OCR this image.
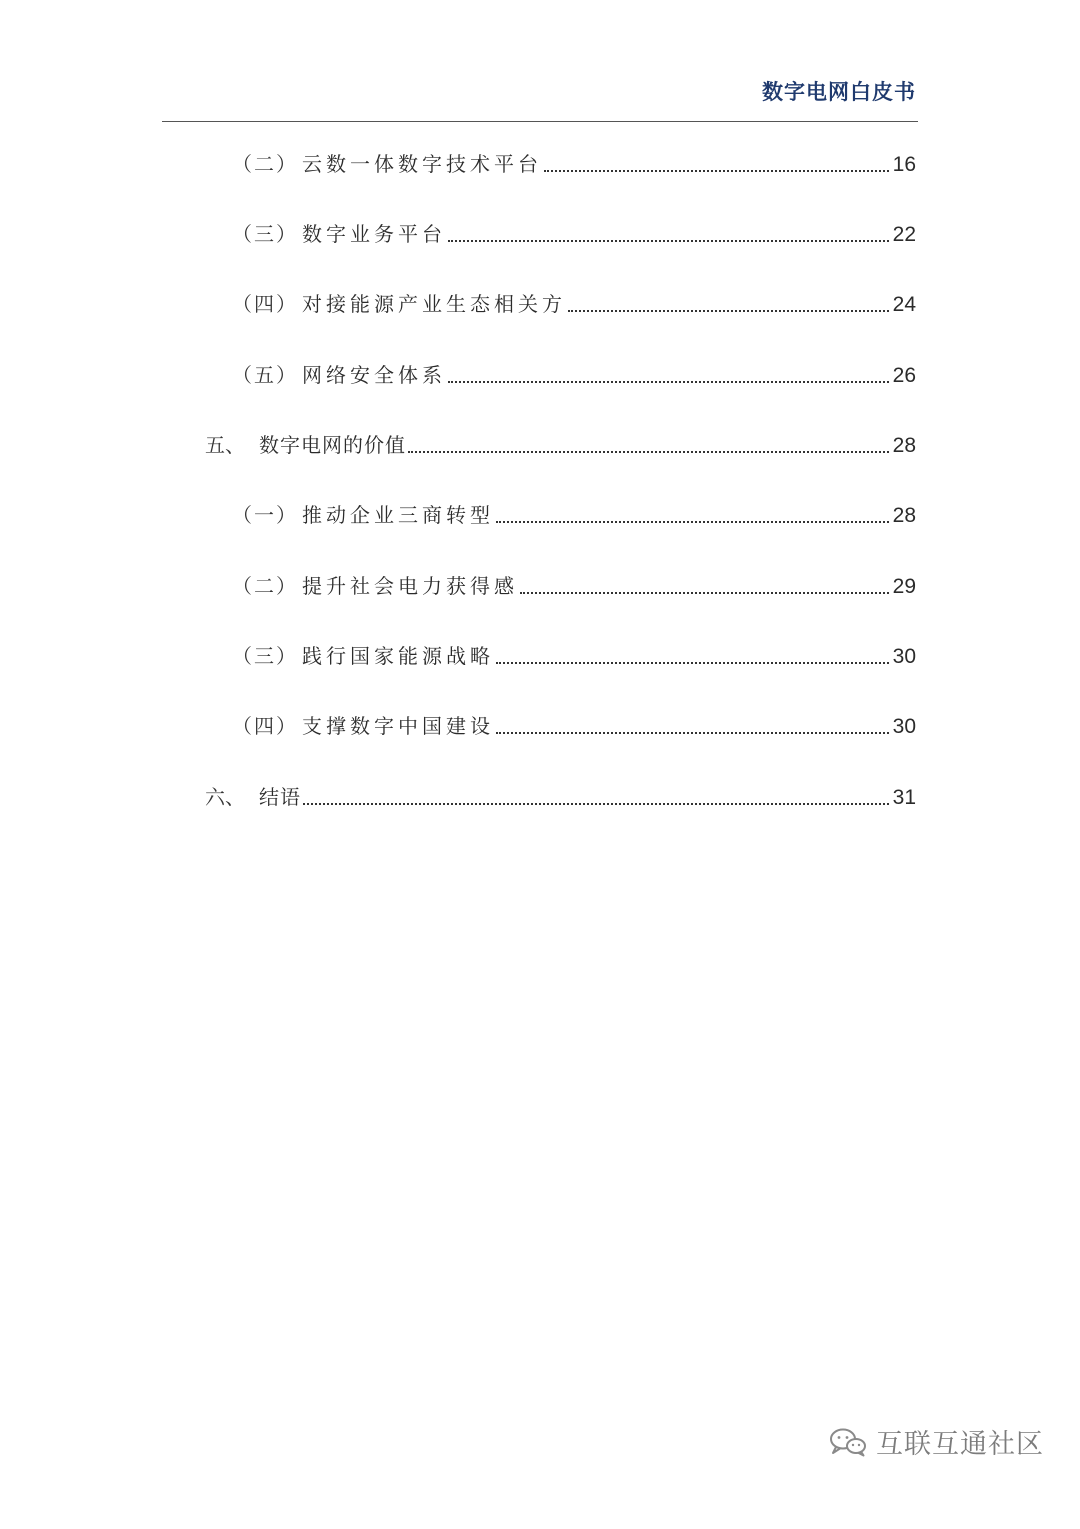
数字电网白皮书
（二） 云数一体数字技术平台	16
（三） 数字业务平台	22
（四） 对接能源产业生态相关方	24
（五） 网络安全体系	26
五、 数字电网的价值	28
（一） 推动企业三商转型	28
（二） 提升社会电力获得感	29
（三） 践行国家能源战略	30
（四） 支撑数字中国建设	30
六、 结语	31
互联互通社区
